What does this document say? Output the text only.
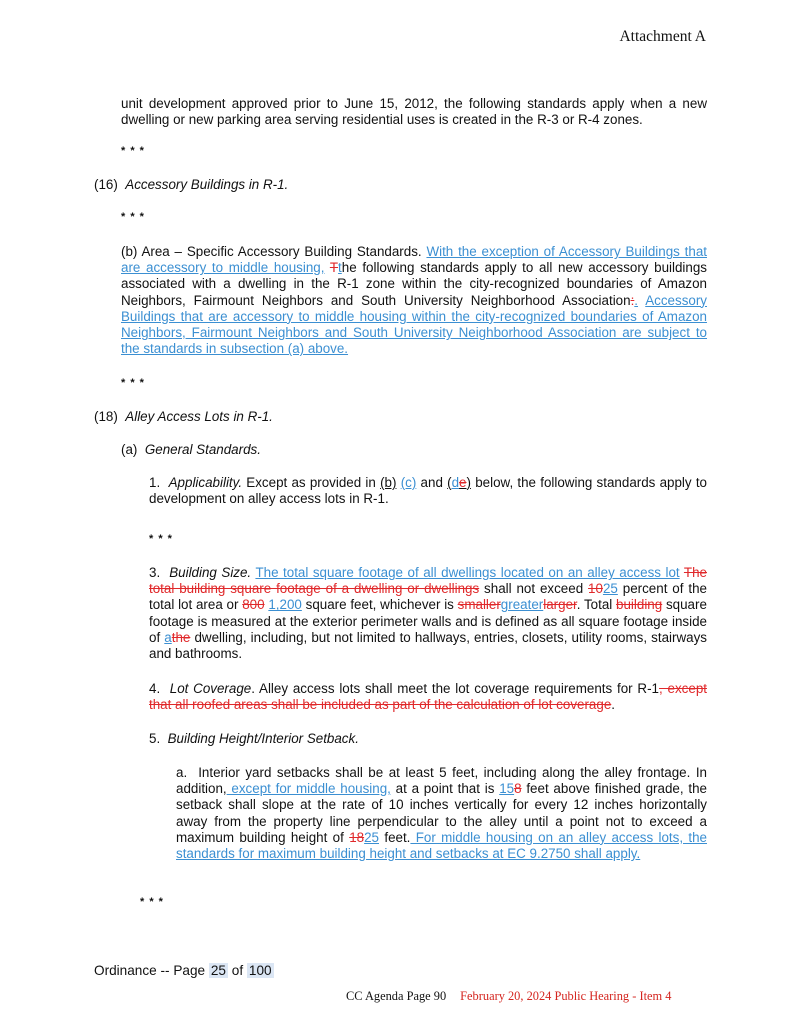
Attachment A
unit development approved prior to June 15, 2012, the following standards apply when a new dwelling or new parking area serving residential uses is created in the R-3 or R-4 zones.
* * *
(16) Accessory Buildings in R-1.
* * *
(b) Area – Specific Accessory Building Standards. With the exception of Accessory Buildings that are accessory to middle housing, Tthe following standards apply to all new accessory buildings associated with a dwelling in the R-1 zone within the city-recognized boundaries of Amazon Neighbors, Fairmount Neighbors and South University Neighborhood Association:. Accessory Buildings that are accessory to middle housing within the city-recognized boundaries of Amazon Neighbors, Fairmount Neighbors and South University Neighborhood Association are subject to the standards in subsection (a) above.
* * *
(18) Alley Access Lots in R-1.
(a) General Standards.
1. Applicability. Except as provided in (b) (c) and (de) below, the following standards apply to development on alley access lots in R-1.
* * *
3. Building Size. The total square footage of all dwellings located on an alley access lot The total building square footage of a dwelling or dwellings shall not exceed 1025 percent of the total lot area or 800 1,200 square feet, whichever is smallergreaterlarger. Total building square footage is measured at the exterior perimeter walls and is defined as all square footage inside of athe dwelling, including, but not limited to hallways, entries, closets, utility rooms, stairways and bathrooms.
4. Lot Coverage. Alley access lots shall meet the lot coverage requirements for R-1, except that all roofed areas shall be included as part of the calculation of lot coverage.
5. Building Height/Interior Setback.
a. Interior yard setbacks shall be at least 5 feet, including along the alley frontage. In addition, except for middle housing, at a point that is 158 feet above finished grade, the setback shall slope at the rate of 10 inches vertically for every 12 inches horizontally away from the property line perpendicular to the alley until a point not to exceed a maximum building height of 1825 feet. For middle housing on an alley access lots, the standards for maximum building height and setbacks at EC 9.2750 shall apply.
* * *
Ordinance -- Page 25 of 100
CC Agenda Page 90 February 20, 2024 Public Hearing - Item 4
